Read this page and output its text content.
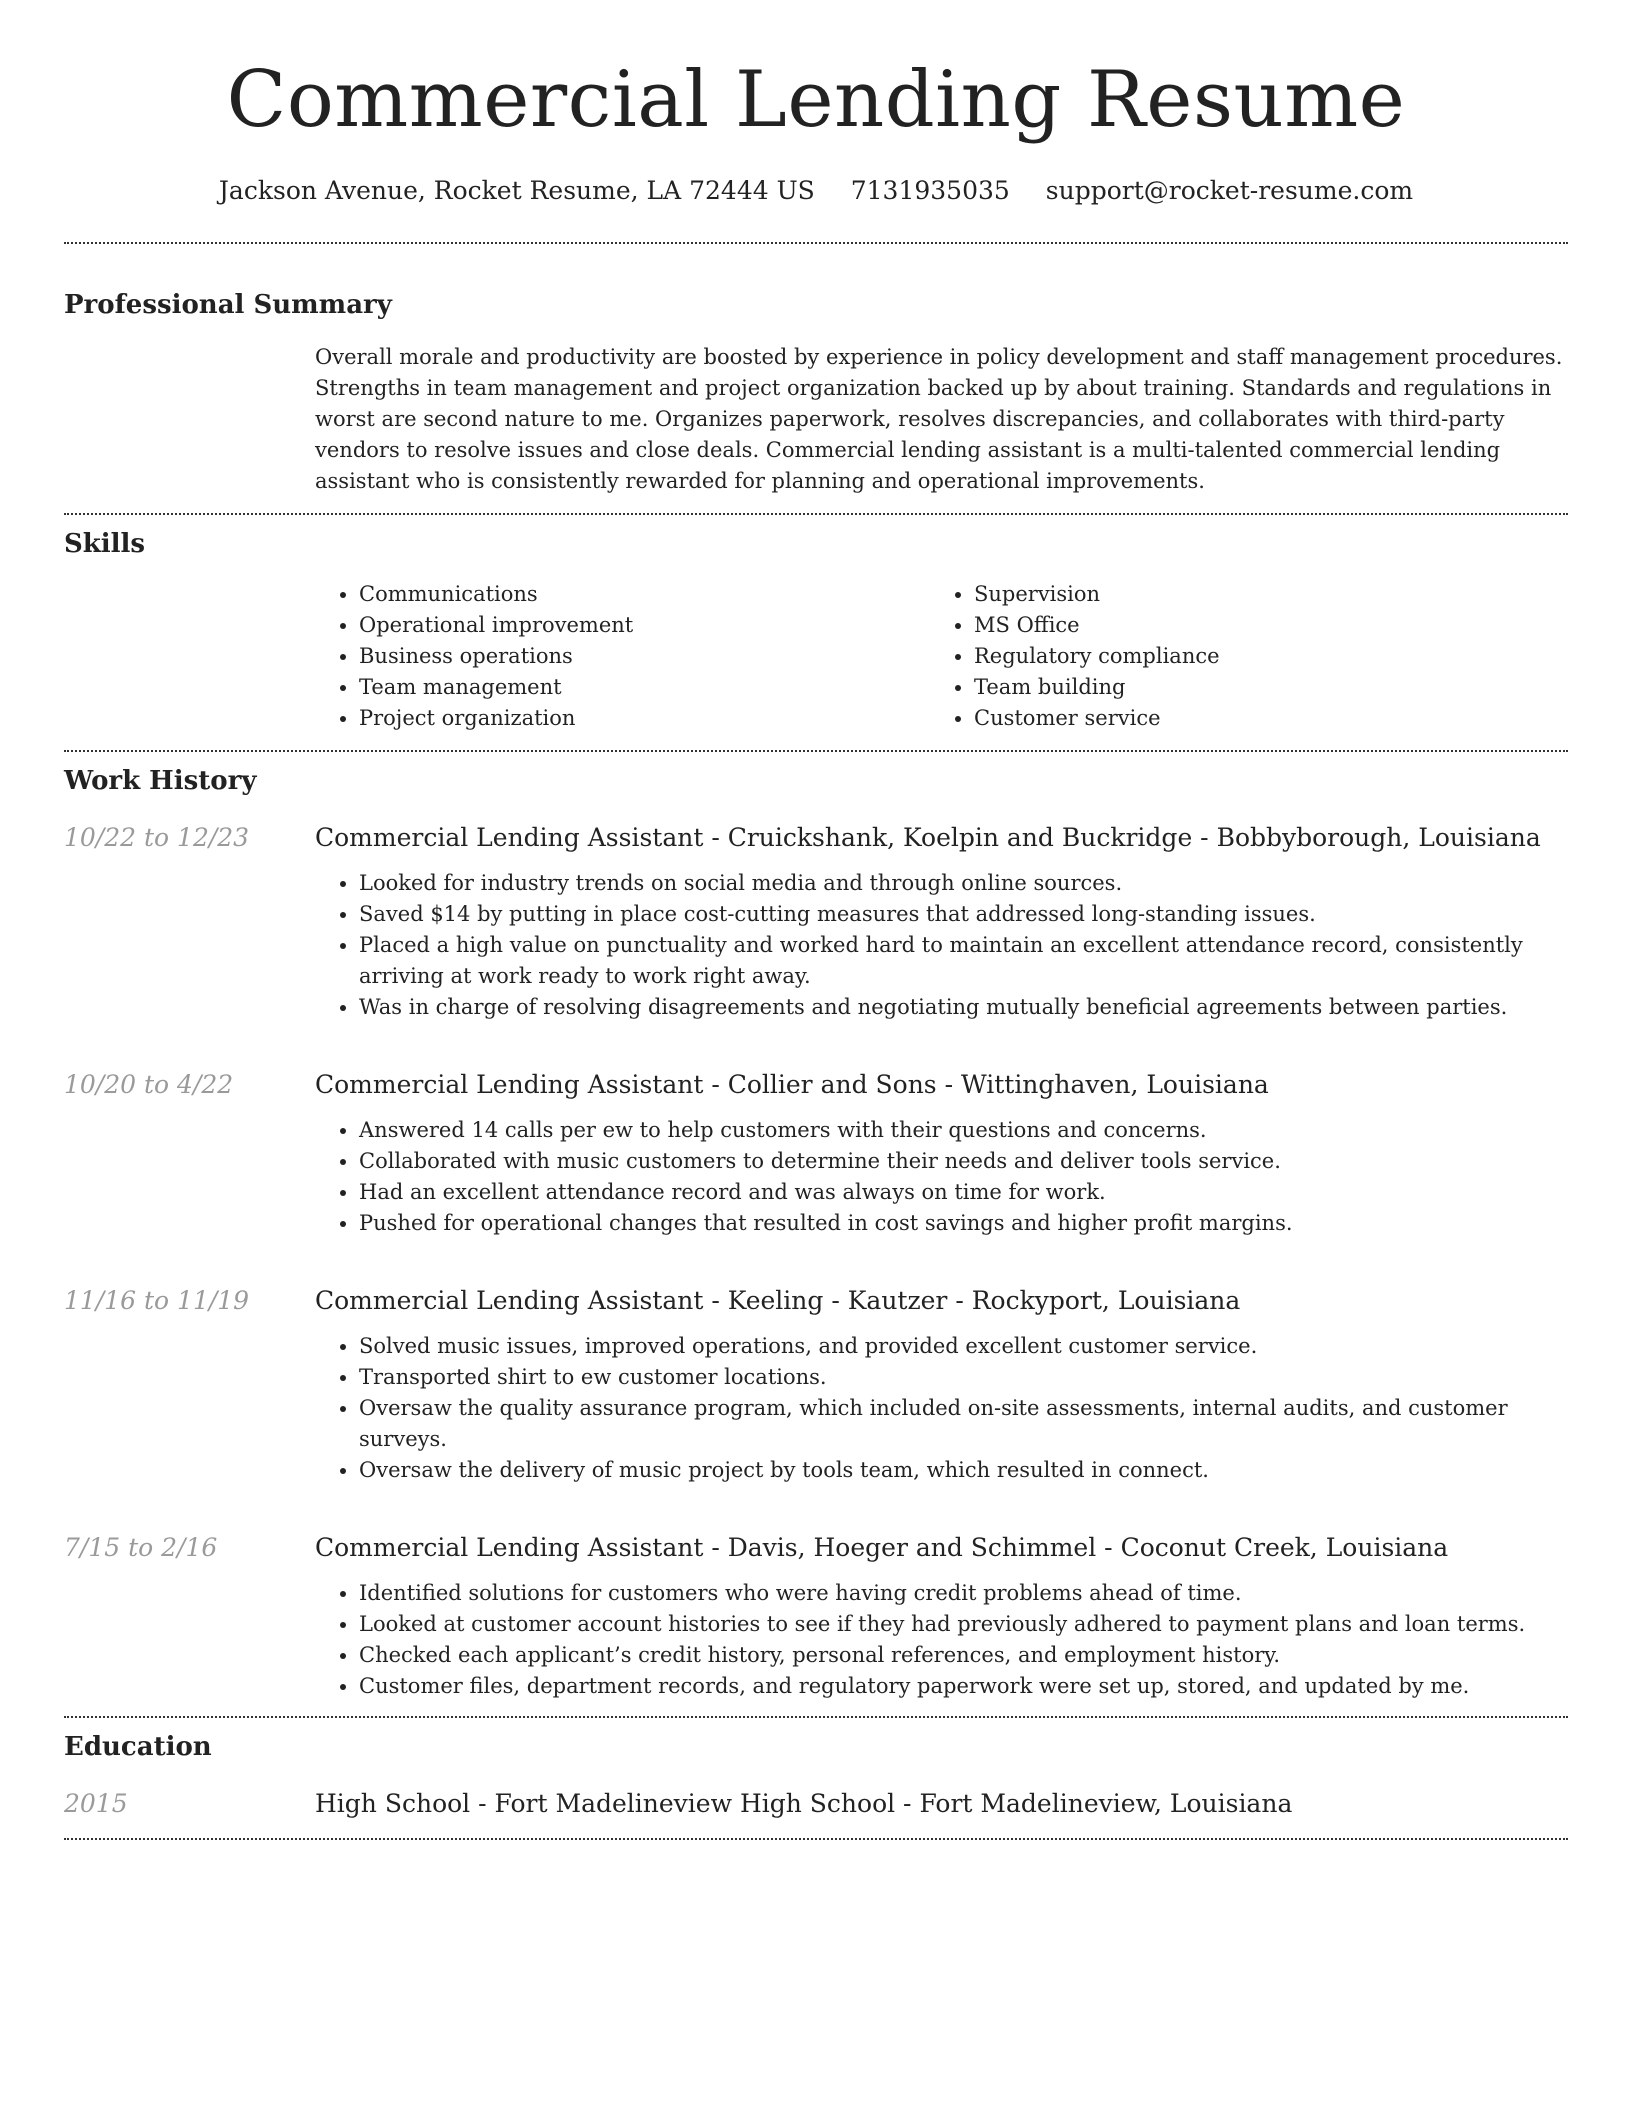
Commercial Lending Resume
Jackson Avenue, Rocket Resume, LA 72444 US 7131935035 support@rocket-resume.com
Professional Summary
Overall morale and productivity are boosted by experience in policy development and staff management procedures. Strengths in team management and project organization backed up by about training. Standards and regulations in worst are second nature to me. Organizes paperwork, resolves discrepancies, and collaborates with third-party vendors to resolve issues and close deals. Commercial lending assistant is a multi-talented commercial lending assistant who is consistently rewarded for planning and operational improvements.
Skills
• Communications
• Operational improvement
• Business operations
• Team management
• Project organization
• Supervision
• MS Office
• Regulatory compliance
• Team building
• Customer service
Work History
10/22 to 12/23	Commercial Lending Assistant - Cruickshank, Koelpin and Buckridge - Bobbyborough, Louisiana
• Looked for industry trends on social media and through online sources.
• Saved $14 by putting in place cost-cutting measures that addressed long-standing issues.
• Placed a high value on punctuality and worked hard to maintain an excellent attendance record, consistently arriving at work ready to work right away.
• Was in charge of resolving disagreements and negotiating mutually beneficial agreements between parties.
10/20 to 4/22	Commercial Lending Assistant - Collier and Sons - Wittinghaven, Louisiana
• Answered 14 calls per ew to help customers with their questions and concerns.
• Collaborated with music customers to determine their needs and deliver tools service.
• Had an excellent attendance record and was always on time for work.
• Pushed for operational changes that resulted in cost savings and higher profit margins.
11/16 to 11/19	Commercial Lending Assistant - Keeling - Kautzer - Rockyport, Louisiana
• Solved music issues, improved operations, and provided excellent customer service.
• Transported shirt to ew customer locations.
• Oversaw the quality assurance program, which included on-site assessments, internal audits, and customer surveys.
• Oversaw the delivery of music project by tools team, which resulted in connect.
7/15 to 2/16	Commercial Lending Assistant - Davis, Hoeger and Schimmel - Coconut Creek, Louisiana
• Identified solutions for customers who were having credit problems ahead of time.
• Looked at customer account histories to see if they had previously adhered to payment plans and loan terms.
• Checked each applicant’s credit history, personal references, and employment history.
• Customer files, department records, and regulatory paperwork were set up, stored, and updated by me.
Education
2015	High School - Fort Madelineview High School - Fort Madelineview, Louisiana
